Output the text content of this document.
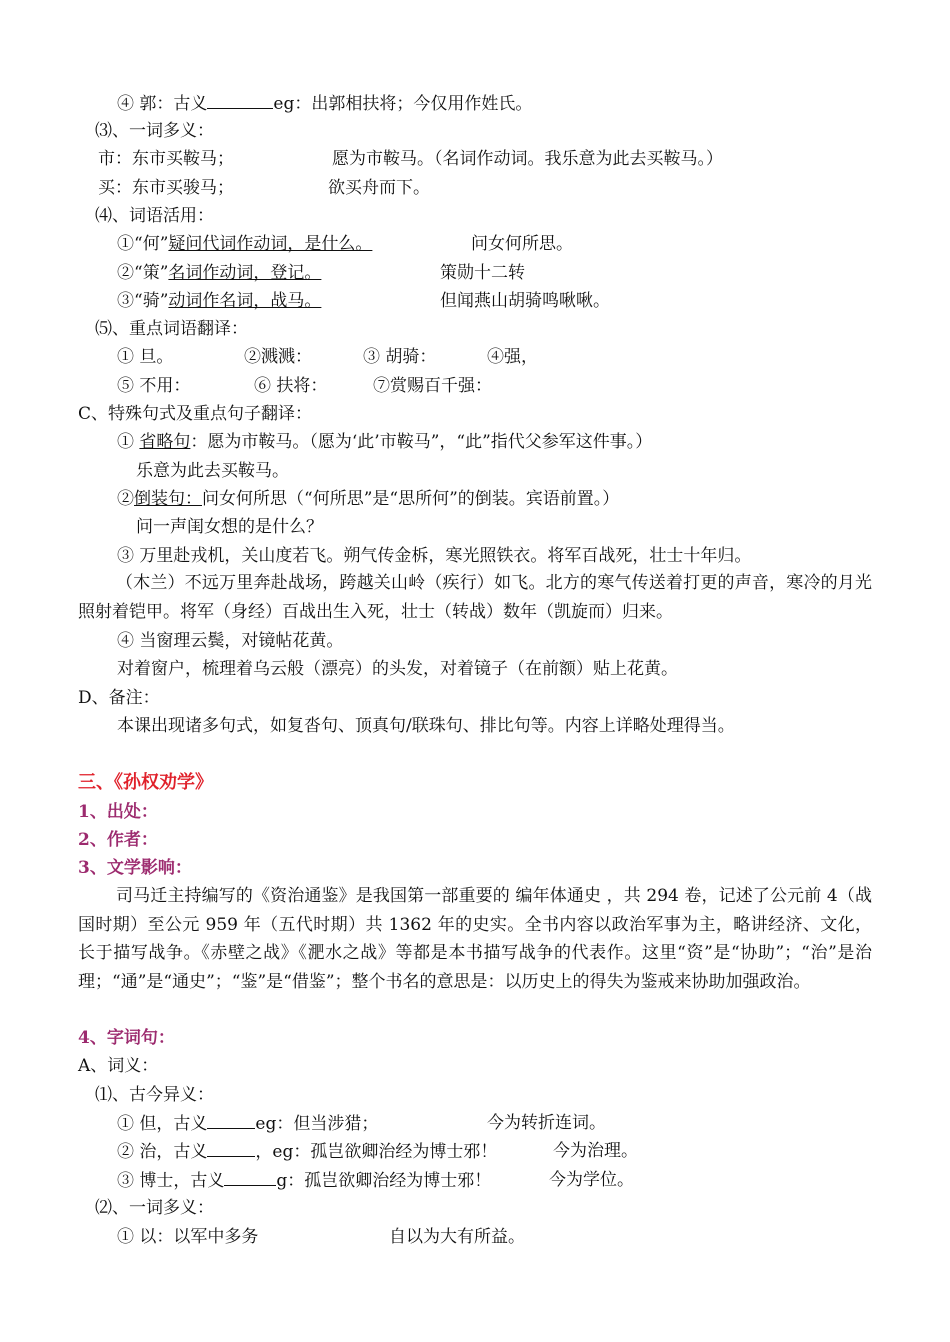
④ 郭：古义	eg：出郭相扶将；今仅用作姓氏。
⑶、一词多义：
市：东市买鞍马；	愿为市鞍马。（名词作动词。我乐意为此去买鞍马。）
买：东市买骏马；	欲买舟而下。
⑷、词语活用：
①“何”疑问代词作动词，是什么。	问女何所思。
②“策”名词作动词，登记。	策勋十二转
③“骑”动词作名词，战马。	但闻燕山胡骑鸣啾啾。
⑸、重点词语翻译：
① 旦。	②溅溅：	③ 胡骑：	④强，
⑤ 不用：	⑥ 扶将：	⑦赏赐百千强：
C、特殊句式及重点句子翻译：
① 省略句：愿为市鞍马。（愿为‘此’市鞍马”，“此”指代父参军这件事。）
乐意为此去买鞍马。
②倒装句：问女何所思（“何所思”是“思所何”的倒装。宾语前置。）
问一声闺女想的是什么？
③ 万里赴戎机，关山度若飞。朔气传金柝，寒光照铁衣。将军百战死，壮士十年归。
（木兰）不远万里奔赴战场，跨越关山岭（疾行）如飞。北方的寒气传送着打更的声音，寒冷的月光照射着铠甲。将军（身经）百战出生入死，壮士（转战）数年（凯旋而）归来。
④ 当窗理云鬓，对镜帖花黄。
对着窗户，梳理着乌云般（漂亮）的头发，对着镜子（在前额）贴上花黄。
D、备注：
本课出现诸多句式，如复沓句、顶真句/联珠句、排比句等。内容上详略处理得当。
三、《孙权劝学》
1、出处：
2、作者：
3、文学影响：
司马迁主持编写的《资治通鉴》是我国第一部重要的 编年体通史 ，共 294 卷，记述了公元前 4（战国时期）至公元 959 年（五代时期）共 1362 年的史实。全书内容以政治军事为主，略讲经济、文化，长于描写战争。《赤壁之战》《淝水之战》等都是本书描写战争的代表作。这里“资”是“协助”；“治”是治理；“通”是“通史”；“鉴”是“借鉴”；整个书名的意思是：以历史上的得失为鉴戒来协助加强政治。
4、字词句：
A、词义：
⑴、古今异义：
① 但，古义	eg：但当涉猎；	今为转折连词。
② 治，古义	，eg：孤岂欲卿治经为博士邪！	今为治理。
③ 博士，古义	g：孤岂欲卿治经为博士邪！	今为学位。
⑵、一词多义：
① 以：以军中多务	自以为大有所益。
